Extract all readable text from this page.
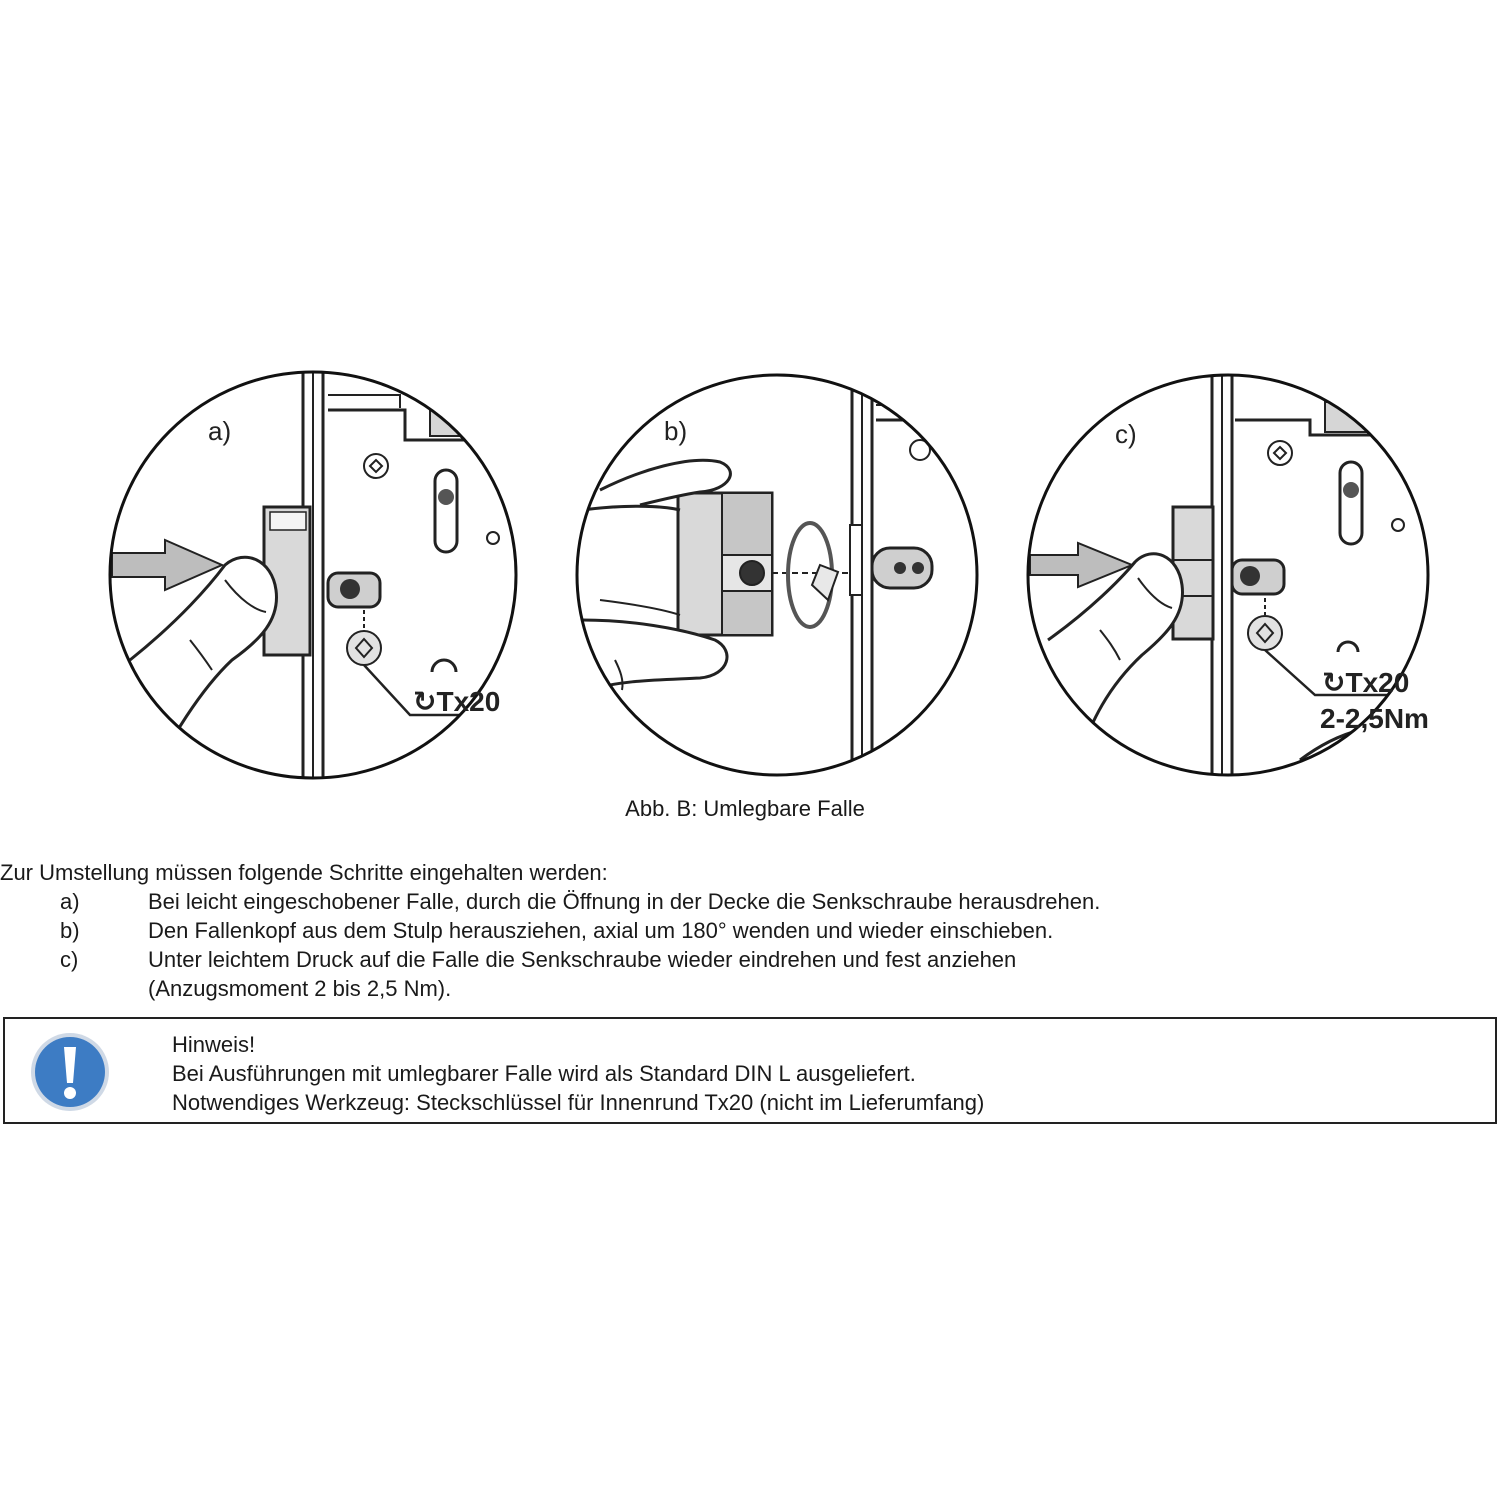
a)
↻Tx20
b)	c)
↻Tx20
2-2,5Nm
Abb. B: Umlegbare Falle
Zur Umstellung müssen folgende Schritte eingehalten werden:
a)	Bei leicht eingeschobener Falle, durch die Öffnung in der Decke die Senkschraube herausdrehen.
b)	Den Fallenkopf aus dem Stulp herausziehen, axial um 180° wenden und wieder einschieben.
c)	Unter leichtem Druck auf die Falle die Senkschraube wieder eindrehen und fest anziehen
(Anzugsmoment 2 bis 2,5 Nm).
Hinweis!
Bei Ausführungen mit umlegbarer Falle wird als Standard DIN L ausgeliefert.
Notwendiges Werkzeug: Steckschlüssel für Innenrund Tx20 (nicht im Lieferumfang)
